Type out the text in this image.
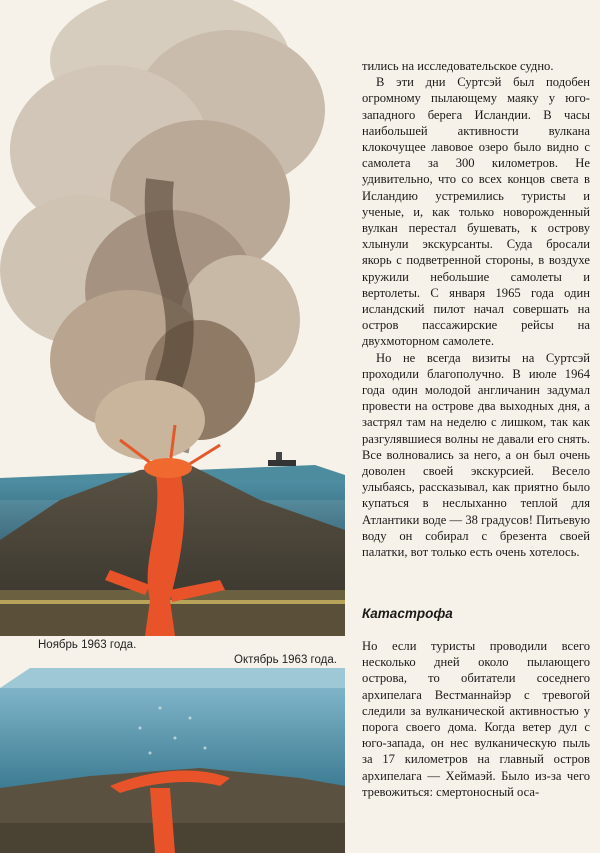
Ноябрь 1963 года.
Октябрь 1963 года.

тились на исследовательское судно.

В эти дни Суртсэй был подобен огромному пылающему маяку у юго-западного берега Исландии. В часы наибольшей активности вулкана клокочущее лавовое озеро было видно с самолета за 300 километров. Не удивительно, что со всех концов света в Исландию устремились туристы и ученые, и, как только новорожденный вулкан перестал бушевать, к острову хлынули экскурсанты. Суда бросали якорь с подветренной стороны, в воздухе кружили небольшие самолеты и вертолеты. С января 1965 года один исландский пилот начал совершать на остров пассажирские рейсы на двухмоторном самолете.

Но не всегда визиты на Суртсэй проходили благополучно. В июле 1964 года один молодой англичанин задумал провести на острове два выходных дня, а застрял там на неделю с лишком, так как разгулявшиеся волны не давали его снять. Все волновались за него, а он был очень доволен своей экскурсией. Весело улыбаясь, рассказывал, как приятно было купаться в неслыханно теплой для Атлантики воде — 38 градусов! Питьевую воду он собирал с брезента своей палатки, вот только есть очень хотелось.

Катастрофа

Но если туристы проводили всего несколько дней около пылающего острова, то обитатели соседнего архипелага Вестманнайэр с тревогой следили за вулканической активностью у порога своего дома. Когда ветер дул с юго-запада, он нес вулканическую пыль за 17 километров на главный остров архипелага — Хеймаэй. Было из-за чего тревожиться: смертоносный оса-
